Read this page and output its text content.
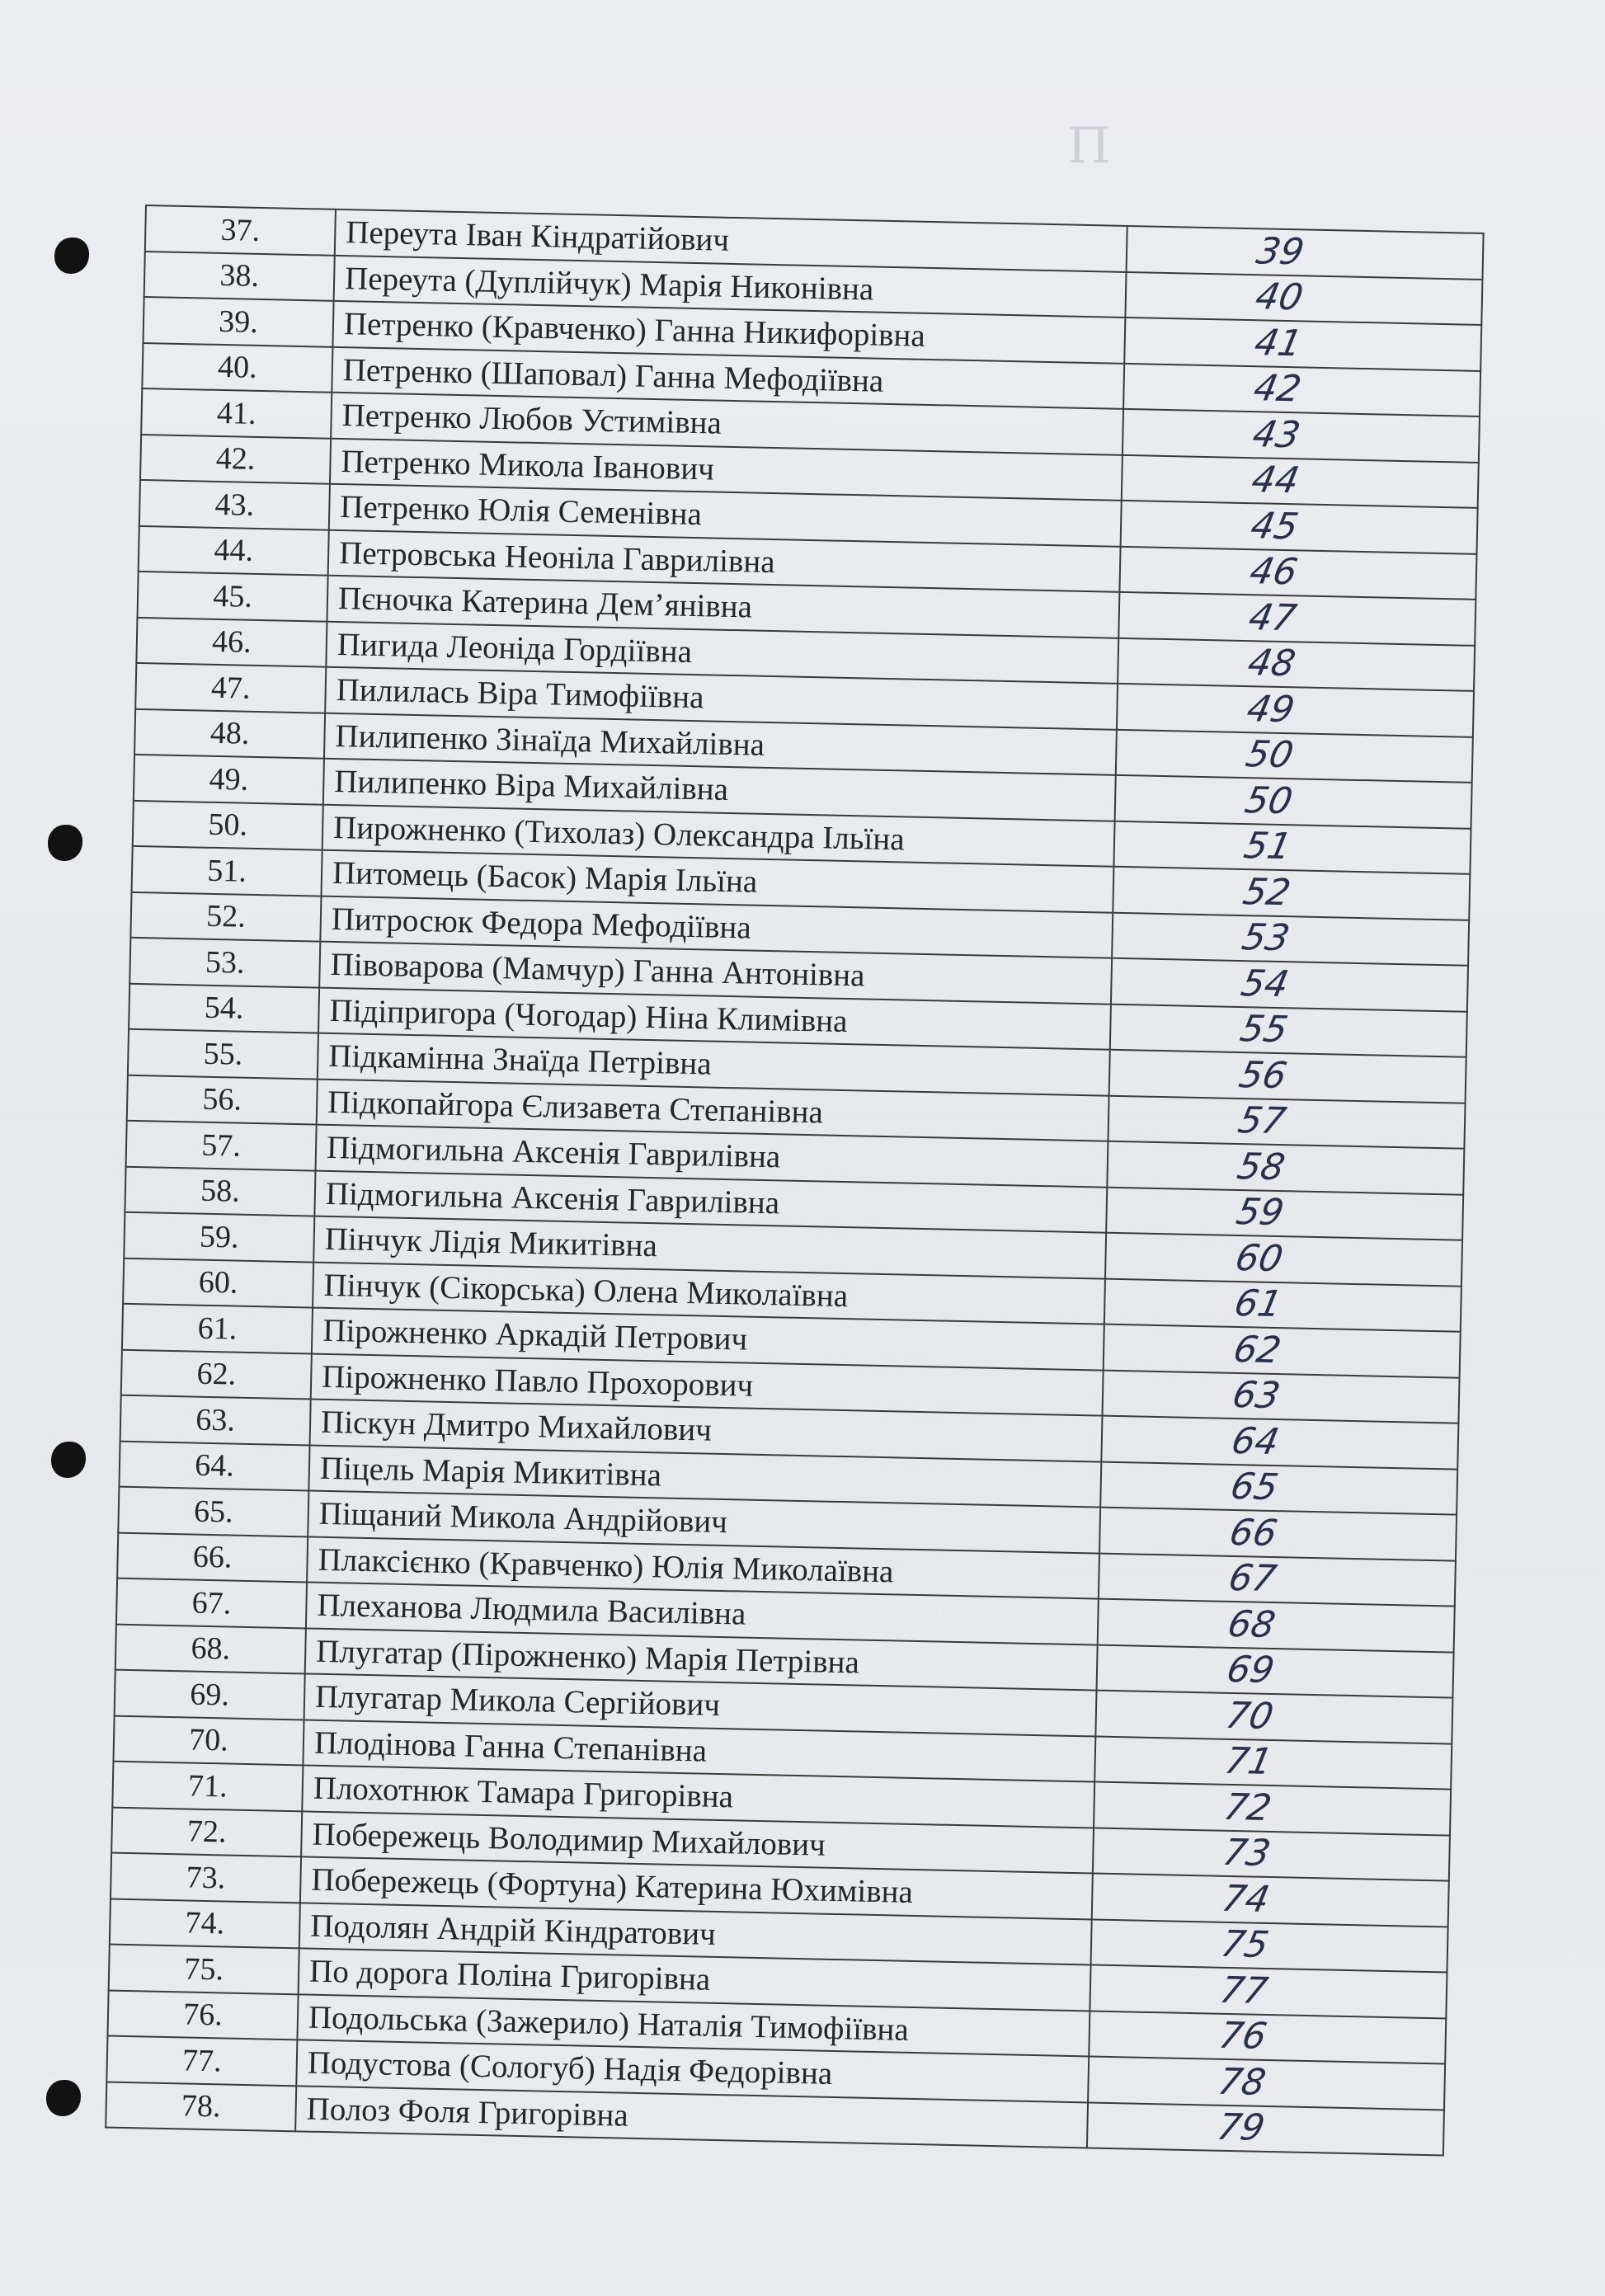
П
37.	Переута Іван Кіндратійович	39
38.	Переута (Дуплійчук) Марія Никонівна	40
39.	Петренко (Кравченко) Ганна Никифорівна	41
40.	Петренко (Шаповал) Ганна Мефодіївна	42
41.	Петренко Любов Устимівна	43
42.	Петренко Микола Іванович	44
43.	Петренко Юлія Семенівна	45
44.	Петровська Неоніла Гаврилівна	46
45.	Пєночка Катерина Дем’янівна	47
46.	Пигида Леоніда Гордіївна	48
47.	Пилилась Віра Тимофіївна	49
48.	Пилипенко Зінаїда Михайлівна	50
49.	Пилипенко Віра Михайлівна	50
50.	Пирожненко (Тихолаз) Олександра Ільїна	51
51.	Питомець (Басок) Марія Ільїна	52
52.	Питросюк Федора Мефодіївна	53
53.	Півоварова (Мамчур) Ганна Антонівна	54
54.	Підіпригора (Чогодар) Ніна Климівна	55
55.	Підкамінна Знаїда Петрівна	56
56.	Підкопайгора Єлизавета Степанівна	57
57.	Підмогильна Аксенія Гаврилівна	58
58.	Підмогильна Аксенія Гаврилівна	59
59.	Пінчук Лідія Микитівна	60
60.	Пінчук (Сікорська) Олена Миколаївна	61
61.	Пірожненко Аркадій Петрович	62
62.	Пірожненко Павло Прохорович	63
63.	Піскун Дмитро Михайлович	64
64.	Піцель Марія Микитівна	65
65.	Піщаний Микола Андрійович	66
66.	Плаксієнко (Кравченко) Юлія Миколаївна	67
67.	Плеханова Людмила Василівна	68
68.	Плугатар (Пірожненко) Марія Петрівна	69
69.	Плугатар Микола Сергійович	70
70.	Плодінова Ганна Степанівна	71
71.	Плохотнюк Тамара Григорівна	72
72.	Побережець Володимир Михайлович	73
73.	Побережець (Фортуна) Катерина Юхимівна	74
74.	Подолян Андрій Кіндратович	75
75.	По дорога Поліна Григорівна	77
76.	Подольська (Зажерило) Наталія Тимофіївна	76
77.	Подустова (Сологуб) Надія Федорівна	78
78.	Полоз Фоля Григорівна	79
